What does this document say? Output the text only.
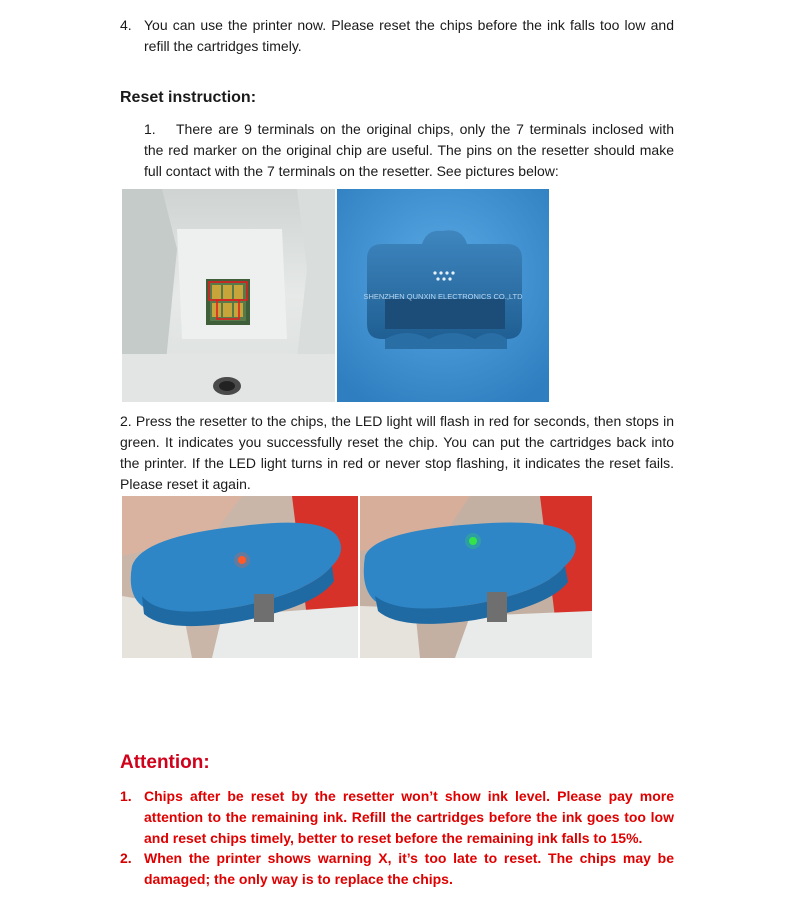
4. You can use the printer now. Please reset the chips before the ink falls too low and refill the cartridges timely.
Reset instruction:
1.	There are 9 terminals on the original chips, only the 7 terminals inclosed with the red marker on the original chip are useful. The pins on the resetter should make full contact with the 7 terminals on the resetter. See pictures below:
SHENZHEN QUNXIN ELECTRONICS CO.,LTD
2. Press the resetter to the chips, the LED light will flash in red for seconds, then stops in green. It indicates you successfully reset the chip. You can put the cartridges back into the printer. If the LED light turns in red or never stop flashing, it indicates the reset fails. Please reset it again.
Attention:
1. Chips after be reset by the resetter won’t show ink level. Please pay more attention to the remaining ink. Refill the cartridges before the ink goes too low and reset chips timely, better to reset before the remaining ink falls to 15%.
2. When the printer shows warning X, it’s too late to reset. The chips may be damaged; the only way is to replace the chips.
